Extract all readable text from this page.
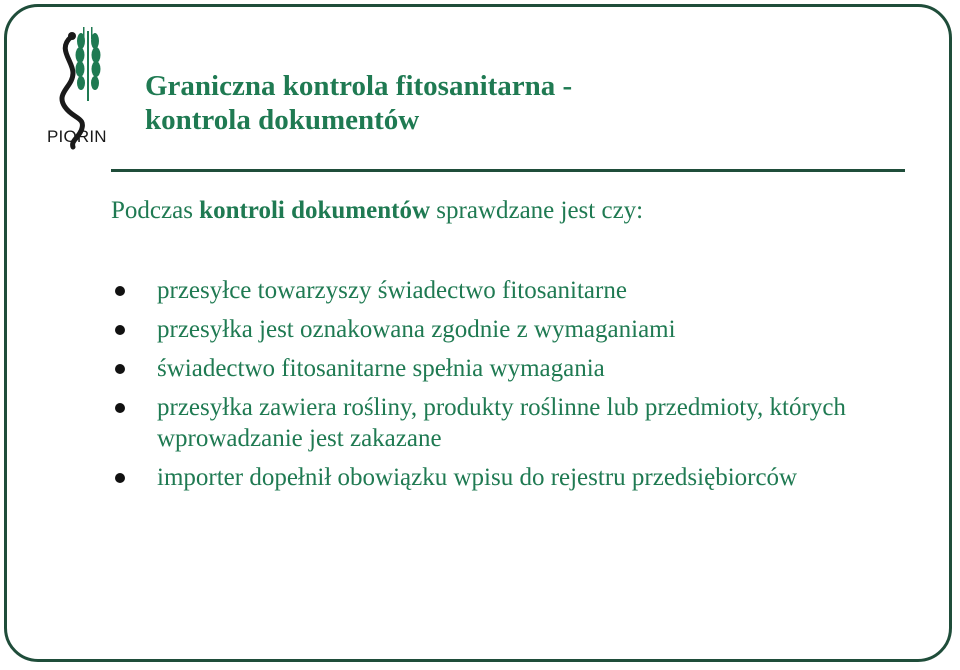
PIORIN
Graniczna kontrola fitosanitarna -
kontrola dokumentów
Podczas kontroli dokumentów sprawdzane jest czy:
przesyłce towarzyszy świadectwo fitosanitarne
przesyłka jest oznakowana zgodnie z wymaganiami
świadectwo fitosanitarne spełnia wymagania
przesyłka zawiera rośliny, produkty roślinne lub przedmioty, których wprowadzanie jest zakazane
importer dopełnił obowiązku wpisu do rejestru przedsiębiorców
